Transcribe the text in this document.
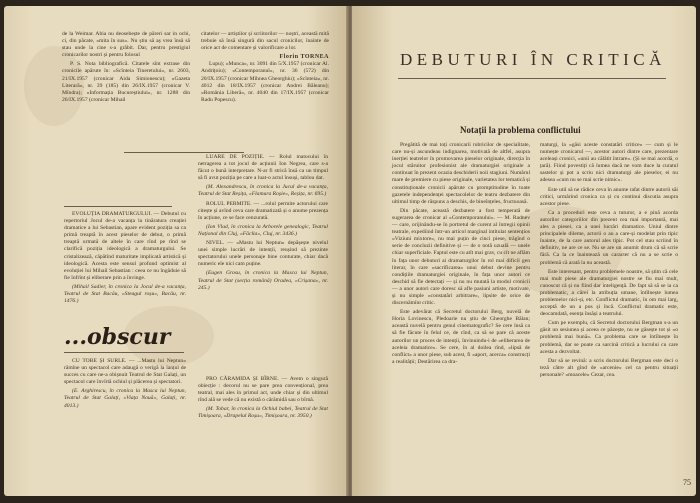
de la Weimar. Abia nu deosebește de păreri sar in ochi, ci, din păcate, «mita în sus». Nu știu să aș vrea însă să stau unde la cine s-a grăbit. Dar, pentru prestigiul cronicarilor nostri și pentru folosul

P. S. Nota bibliografică. Citatele sînt extrase din cronicile apărute în: «Scînteia Tineretului», nr. 2603, 21/IX.1957 (cronicar Aida Simionescu); «Gazeta Literară», nr. 39 (185) din 26/IX.1957 (cronicar V. Mîndra); «Informația Bucureștiului», nr. 1288 din 26/IX.1957 (cronicar Mihail

citatelor — artiștilor și scriitorilor — noștri, această mită trebuie să însă singură din sacul cronicilor, înainte de orice act de comentare și valorificare a lor.

Florin TORNEA

Lupu); «Munca», nr. 3091 din 5/X.1957 (cronicar Al. Andrițoiu); «Contemporanul», nr. 36 (572) din 20/IX.1957 (cronicar Mihnea Gheorghiu); «Scînteia», nr. 4012 din 18/IX.1957 (cronicar Andrei Băleanu); «România Liberă», nr. 4040 din 17/IX.1957 (cronicar Radu Popescu).

EVOLUȚIA DRAMATURGULUI. — Debutul cu repertoriul Jocul de-a vacanța la tinăratura creației dramatice a lui Sebastian, apare evident poziția sa ca primă treaptă în acest pieselor de debut, o primă treaptă urmată de altele în care rînd pe rînd se clarifică poziția ideologică a dramaturgului. Se cristalizează, căpătînd maturitate implicată artistică și ideologică. Acesta este sensul profund optimist al evoluției lui Mihail Sebastian : ceea ce nu îngăduie să fie înfrînt și eliberare prin a învinge.

(Mihail Sadier, în cronica la Jocul de-a vacanța, Teatrul de Stat Bacău, «Steagul roșu», Bacău, nr. 1476.)

LUARE DE POZIȚIE. — Rolul matocului în netragerea a tot jocul de acțiunii Ion Negrea, care s-a făcut o bună interpretare. N-ar fi strică însă ca un timpul să fi avut poziția pe care a luat-o actul însuși, tablou dat.

(M. Alexandrescu, în cronica la Jucul de-a vacanța, Teatrul de Stat Reșița, «Flamura Roșie», Reșița, nr. 695.)

ROLUL PERMITE. — ...rolul permite actorului care citește și avînd ceva care dramatizată și o anume prezența în acțiune, ce se face cenzurată.

(Ion Vlad, în cronica la Arborele genealogic, Teatrul Național din Cluj, «Făclia», Cluj, nr. 3436.)

NIVEL. — «Mastu lui Neptun» depășește nivelul unei simple lucrări de intenții, reușind să prezinte spectatorului unele personaje bine conturate, chiar dacă numeric ele nici cam puține.

(Eugen Grosu, în cronica la Masca lui Neptun, Teatrul de Stat (secția română) Oradea, «Crișana», nr. 245.)

...obscur

CU TOBE ȘI SURLE. — ...Mastu lui Neptun» rămîne un spectacol care adaugă o verigă la lanțul de succes cu care ne-a obișnuit Teatrul de Stat Galați, un spectacol care învîrtă ochiul și plăcerea și spectatori.

(E. Arghirescu, în cronica la Masca lui Neptun, Teatrul de Stat Galați, «Viața Nouă», Galați, nr. 4013.)

PRO CĂRAMIDA ȘI BÎRNE. — Avem o singură obiecție : decorul nu se pare prea convențional, prea teatral, mai ales în primul act, unde chiar și din ultimul rînd ală se vede că nu există o cărămidă sau o bîrnă.

(M. Tobar, în cronica la Ochiul babei, Teatrul de Stat Timișoara, «Drapelul Roșu», Timișoara, nr. 3950.)

DEBUTURI ÎN CRITICĂ
Notații la problema conflictului

Pregătită de mai toți cronicarii rubricilor de specialitate, care nu-și ascundeau indignarea, motivată de altfel, asupra inerției teatrelor în promovarea pieselor originale, direcția în jocul stăruitor profesionist ale dramaturgiei originale a continuat în prezent ocazia deschiderii noii stagiuni. Numărul mare de premiere cu piese originale, varietatea lor tematică și constituționale cronicii apărute cu promptitudine în toate gazetele independenței spectacolelor de teatru dezbatere din ultimul timp de răspuns a deschis, de bineînțeles, fructuoasă.

Din păcate, această dezbatere a fost temperată de sugerarea de cronicar al «Contemporanului». — M. Radnev — care, orijinându-se în portretul de curent al întregii opinii teatrale, expediind într-un articol marginal intitulat sentențios «Viziuni mixtore», nu mai puțin de cinci piese, trăgînd o serie de concluzii definitive și — de o notă uzuală — unele chiar superficiale. Faptul este cu atît mai grav, cu cît ne aflăm în fața unor debuturi ai dramaturgilor în rol mai dificil gen literar, în care «sacrificarea» unui debut devine pentru condițiile dramaturgiei originale, în fața unor autori ce deschid să fie detectați — și nu nu mutată la modul cronicii — a unor autori care doresc să afle pasiuni artiste, motivate, și nu simple «constatări arbitrare», lipsite de orice de discernămînt critic.

Este adevărat că Secretul doctorului Berg, nuvelă de Horia Lovinescu, Pledoarie nu știu de Gheorghe Bălan; această nuvelă pentru genul cinematografic? Se cere însă ca să fie făcute în felul ce, de cînd, ca să se pare că aceste autorilor un proces de intenții, învinuindu-i de «eliberarea de aceleia dramatice». Se cere, în al doilea rînd, «lipsă de conflict» a unor piese, sub acest, fi «aport, acerca» construcți a realității; Destărirea ca dra-

maturgi, la «găsi aceste constatări critice» — cum și le numește cronicarul —, acestor autori dintre care, prezentare aceleași cronici, «unii au călătit întrare». (Și se mai acordă, o țară). Fiind povestiți că lumea dacă ne vom duce la curatul sastelor și pot a scriu nici dramaturgi ale pieselor, ei nu adesea «cum nu se mai scrie nimic».

Este util să ne rădice ceva în anume rafat dintre autorii săi critici, urmărind cronica ca și cu continui discutia asupra acestor piese.

Ca a proceduri este ceva a tuturor, a e pină acorda autorilor categoriilor din prezent cea mai importantă, mai ales a piesei, ca a unei lucrări dramatice. Uniul dintre principalele dileme, actorii o au a care-și modelat prin tipic înainte, de la care autorul ales tipic. Pot cel stau scriind în definitiv, ne are ce se. Nu se are un anumit drum că să scrie fără. Ca la ce înaintează un caracter că nu a se scrie o problemă că arată la nu această.

Este interesant, pentru problemele noastre, să știm că cele mai mult piese ale dramaturgiei nostre se fiu mai mult, cunoscut că și nu fiind dar inteligență. De fapt să să se ia ca problematic, a cărei la atribuția umane, întîlnește lumea problemelor nici-și, etc. Conflictul dramatic, în om mai larg, acceptă de un a pus și încă. Conflictul dramatic este, deocamdată, esența însăși a teatrului.

Cum pe exemplu, că Secretul doctorului Bergman s-a un găsit un sesiunea și aceea ce păzește, nu se găsește tot și «o problemă mai bună». Ca problema care se întîlnește în problemă, dar se poate ca sarcină critică a lucrului cu care acesta a dezvoltat.

Dar să se revină: a scris doctorului Bergman este deci o teză către alt gînd de «arcenie» cel ca pentru situații personale? «moacele» Cezar, cea.

75
